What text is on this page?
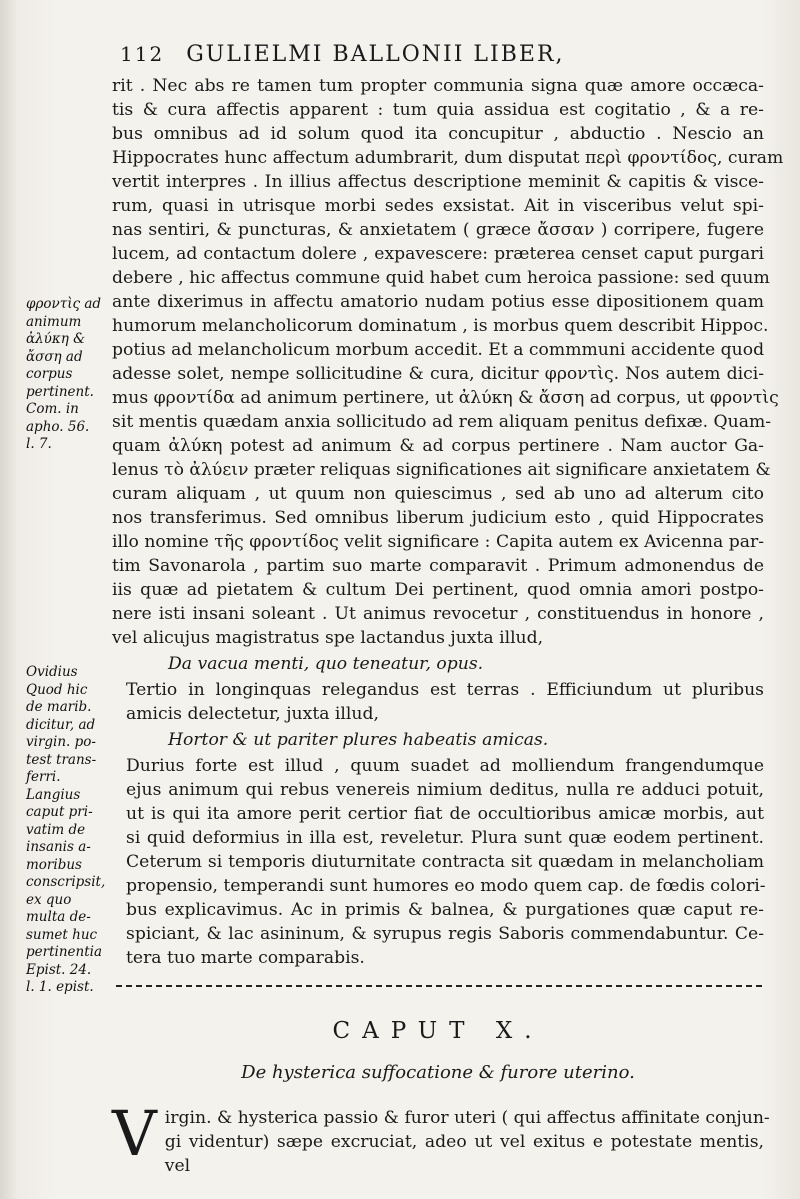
112 GULIELMI BALLONII LIBER,
rit . Nec abs re tamen tum propter communia signa quæ amore occæca-
tis & cura affectis apparent : tum quia assidua est cogitatio , & a re-
bus omnibus ad id solum quod ita concupitur , abductio . Nescio an
Hippocrates hunc affectum adumbrarit, dum disputat περὶ φροντίδος, curam
vertit interpres . In illius affectus descriptione meminit & capitis & visce-
rum, quasi in utrisque morbi sedes exsistat. Ait in visceribus velut spi-
nas sentiri, & puncturas, & anxietatem ( græce ἄσσαν ) corripere, fugere
lucem, ad contactum dolere , expavescere: præterea censet caput purgari
debere , hic affectus commune quid habet cum heroica passione: sed quum
ante dixerimus in affectu amatorio nudam potius esse dipositionem quam
humorum melancholicorum dominatum , is morbus quem describit Hippoc.
potius ad melancholicum morbum accedit. Et a commmuni accidente quod
adesse solet, nempe sollicitudine & cura, dicitur φροντὶς. Nos autem dici-
mus φροντίδα ad animum pertinere, ut ἀλύκη & ἄσση ad corpus, ut φροντὶς
sit mentis quædam anxia sollicitudo ad rem aliquam penitus defixæ. Quam-
quam ἀλύκη potest ad animum & ad corpus pertinere . Nam auctor Ga-
lenus τὸ ἀλύειν præter reliquas significationes ait significare anxietatem &
curam aliquam , ut quum non quiescimus , sed ab uno ad alterum cito
nos transferimus. Sed omnibus liberum judicium esto , quid Hippocrates
illo nomine τῆς φροντίδος velit significare : Capita autem ex Avicenna par-
tim Savonarola , partim suo marte comparavit . Primum admonendus de
iis quæ ad pietatem & cultum Dei pertinent, quod omnia amori postpo-
nere isti insani soleant . Ut animus revocetur , constituendus in honore ,
vel alicujus magistratus spe lactandus juxta illud,
Da vacua menti, quo teneatur, opus.
Tertio in longinquas relegandus est terras . Efficiundum ut pluribus
amicis delectetur, juxta illud,
Hortor & ut pariter plures habeatis amicas.
Durius forte est illud , quum suadet ad molliendum frangendumque
ejus animum qui rebus venereis nimium deditus, nulla re adduci potuit,
ut is qui ita amore perit certior fiat de occultioribus amicæ morbis, aut
si quid deformius in illa est, reveletur. Plura sunt quæ eodem pertinent.
Ceterum si temporis diuturnitate contracta sit quædam in melancholiam
propensio, temperandi sunt humores eo modo quem cap. de fœdis colori-
bus explicavimus. Ac in primis & balnea, & purgationes quæ caput re-
spiciant, & lac asininum, & syrupus regis Saboris commendabuntur. Ce-
tera tuo marte comparabis.
φροντὶς ad
animum
ἀλύκη &
ἄσση ad
corpus
pertinent.
Com. in
apho. 56.
l. 7.
Ovidius
Quod hic
de marib.
dicitur, ad
virgin. po-
test trans-
ferri.
Langius
caput pri-
vatim de
insanis a-
moribus
conscripsit,
ex quo
multa de-
sumet huc
pertinentia
Epist. 24.
l. 1. epist.
CAPUT X.
De hysterica suffocatione & furore uterino.
V irgin. & hysterica passio & furor uteri ( qui affectus affinitate conjun-
gi videntur) sæpe excruciat, adeo ut vel exitus e potestate mentis,
vel
